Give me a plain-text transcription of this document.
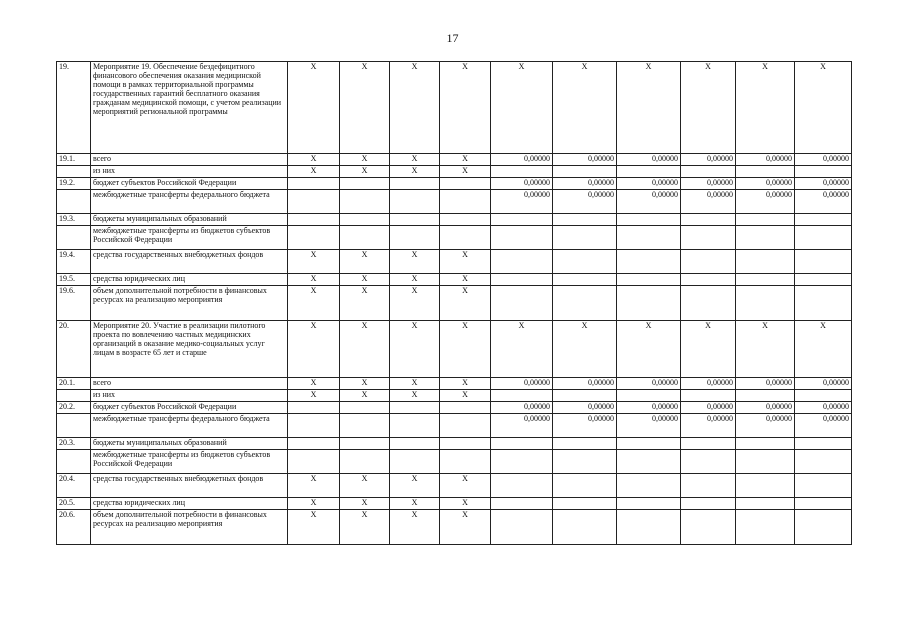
17
19.	Мероприятие 19. Обеспечение бездефицитного финансового обеспечения оказания медицинской помощи в рамках территориальной программы государственных гарантий бесплатного оказания гражданам медицинской помощи, с учетом реализации мероприятий региональной программы	X	X	X	X	X	X	X	X	X	X
19.1.	всего	X	X	X	X	0,00000	0,00000	0,00000	0,00000	0,00000	0,00000
	из них	X	X	X	X						
19.2.	бюджет субъектов Российской Федерации					0,00000	0,00000	0,00000	0,00000	0,00000	0,00000
	межбюджетные трансферты федерального бюджета					0,00000	0,00000	0,00000	0,00000	0,00000	0,00000
19.3.	бюджеты муниципальных образований										
	межбюджетные трансферты из бюджетов субъектов Российской Федерации										
19.4.	средства государственных внебюджетных фондов	X	X	X	X						
19.5.	средства юридических лиц	X	X	X	X						
19.6.	объем дополнительной потребности в финансовых ресурсах на реализацию мероприятия	X	X	X	X						
20.	Мероприятие 20. Участие в реализации пилотного проекта по вовлечению частных медицинских организаций в оказание медико-социальных услуг лицам в возрасте 65 лет и старше	X	X	X	X	X	X	X	X	X	X
20.1.	всего	X	X	X	X	0,00000	0,00000	0,00000	0,00000	0,00000	0,00000
	из них	X	X	X	X						
20.2.	бюджет субъектов Российской Федерации					0,00000	0,00000	0,00000	0,00000	0,00000	0,00000
	межбюджетные трансферты федерального бюджета					0,00000	0,00000	0,00000	0,00000	0,00000	0,00000
20.3.	бюджеты муниципальных образований										
	межбюджетные трансферты из бюджетов субъектов Российской Федерации										
20.4.	средства государственных внебюджетных фондов	X	X	X	X						
20.5.	средства юридических лиц	X	X	X	X						
20.6.	объем дополнительной потребности в финансовых ресурсах на реализацию мероприятия	X	X	X	X						
